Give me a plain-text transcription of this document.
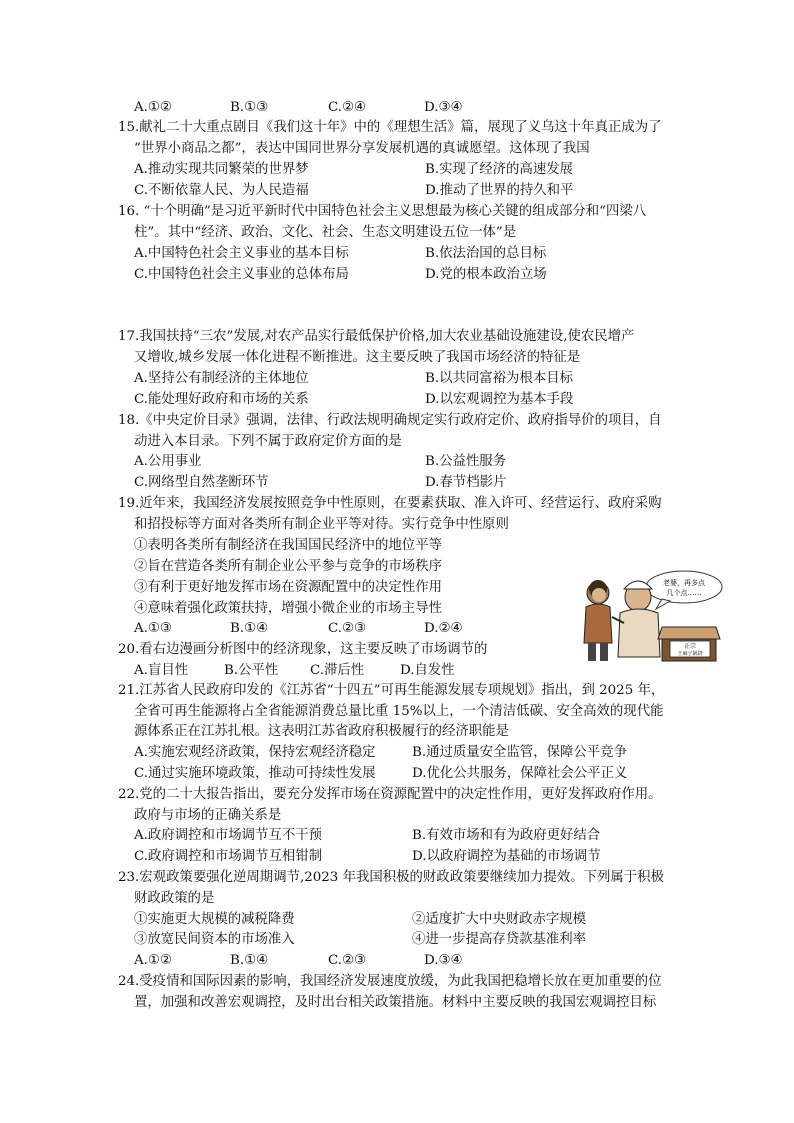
A.①②	B.①③	C.②④	D.③④
15.献礼二十大重点剧目《我们这十年》中的《理想生活》篇，展现了义乌这十年真正成为了
“世界小商品之都”，表达中国同世界分享发展机遇的真诚愿望。这体现了我国
A.推动实现共同繁荣的世界梦	B.实现了经济的高速发展
C.不断依靠人民、为人民造福	D.推动了世界的持久和平
16. “十个明确”是习近平新时代中国特色社会主义思想最为核心关键的组成部分和“四梁八
柱”。其中“经济、政治、文化、社会、生态文明建设五位一体”是
A.中国特色社会主义事业的基本目标	B.依法治国的总目标
C.中国特色社会主义事业的总体布局	D.党的根本政治立场
17.我国扶持“三农”发展,对农产品实行最低保护价格,加大农业基础设施建设,使农民增产
又增收,城乡发展一体化进程不断推进。这主要反映了我国市场经济的特征是
A.坚持公有制经济的主体地位	B.以共同富裕为根本目标
C.能处理好政府和市场的关系	D.以宏观调控为基本手段
18.《中央定价目录》强调，法律、行政法规明确规定实行政府定价、政府指导价的项目，自
动进入本目录。下列不属于政府定价方面的是
A.公用事业	B.公益性服务
C.网络型自然垄断环节	D.春节档影片
19.近年来，我国经济发展按照竞争中性原则，在要素获取、准入许可、经营运行、政府采购
和招投标等方面对各类所有制企业平等对待。实行竞争中性原则
①表明各类所有制经济在我国国民经济中的地位平等
②旨在营造各类所有制企业公平参与竞争的市场秩序
③有利于更好地发挥市场在资源配置中的决定性作用
④意味着强化政策扶持，增强小微企业的市场主导性
A.①③	B.①④	C.②③	D.②④
20.看右边漫画分析图中的经济现象，这主要反映了市场调节的
A.盲目性	B.公平性 C.滞后性	D.自发性
老婆，再多点
几个点……
正宗
王麻子锅饼
21.江苏省人民政府印发的《江苏省“十四五”可再生能源发展专项规划》指出，到 2025 年，
全省可再生能源将占全省能源消费总量比重 15%以上，一个清洁低碳、安全高效的现代能
源体系正在江苏扎根。这表明江苏省政府积极履行的经济职能是
A.实施宏观经济政策，保持宏观经济稳定	B.通过质量安全监管，保障公平竞争
C.通过实施环境政策，推动可持续性发展	D.优化公共服务，保障社会公平正义
22.党的二十大报告指出，要充分发挥市场在资源配置中的决定性作用，更好发挥政府作用。
政府与市场的正确关系是
A.政府调控和市场调节互不干预	B.有效市场和有为政府更好结合
C.政府调控和市场调节互相钳制	D.以政府调控为基础的市场调节
23.宏观政策要强化逆周期调节,2023 年我国积极的财政政策要继续加力提效。下列属于积极
财政政策的是
①实施更大规模的减税降费	②适度扩大中央财政赤字规模
③放宽民间资本的市场准入	④进一步提高存贷款基准利率
A.①②	B.①④	C.②③	D.③④
24.受疫情和国际因素的影响，我国经济发展速度放缓，为此我国把稳增长放在更加重要的位
置，加强和改善宏观调控，及时出台相关政策措施。材料中主要反映的我国宏观调控目标
